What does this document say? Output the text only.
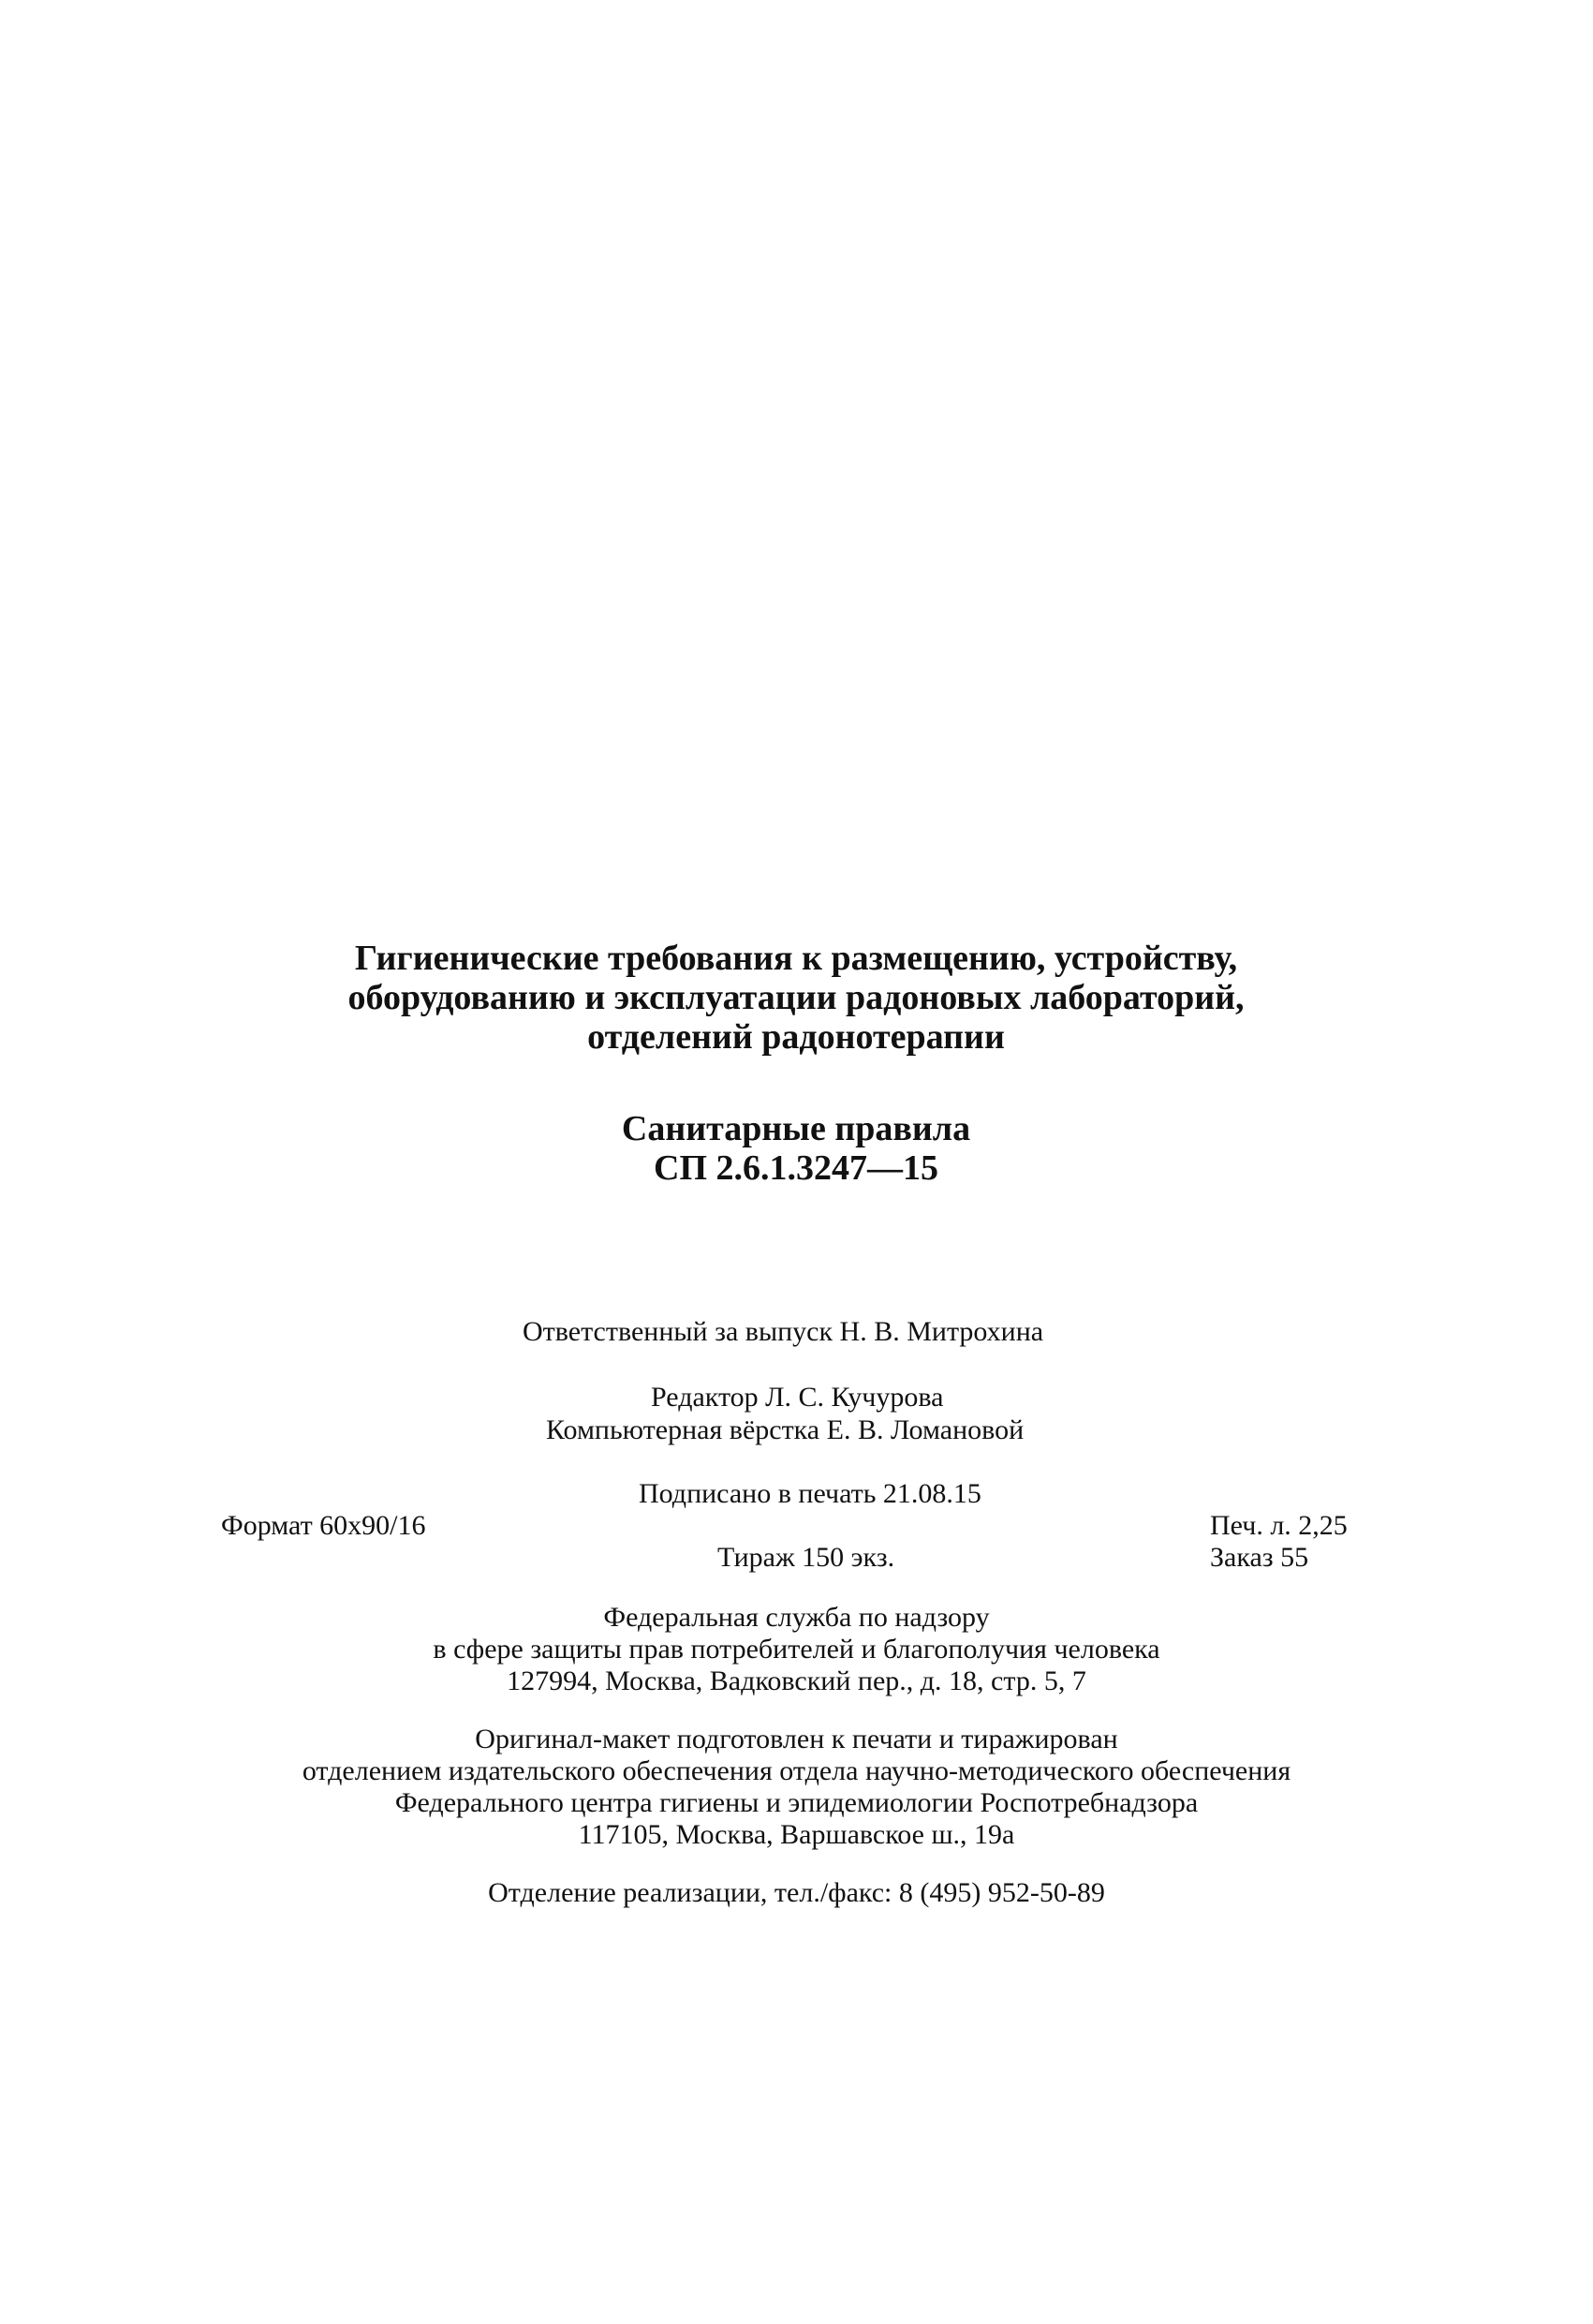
Гигиенические требования к размещению, устройству,
оборудованию и эксплуатации радоновых лабораторий,
отделений радонотерапии
Санитарные правила
СП 2.6.1.3247—15
Ответственный за выпуск Н. В. Митрохина
Редактор Л. С. Кучурова
Компьютерная вёрстка Е. В. Ломановой
Подписано в печать 21.08.15
Формат 60х90/16	Печ. л. 2,25
Тираж 150 экз.	Заказ 55
Федеральная служба по надзору
в сфере защиты прав потребителей и благополучия человека
127994, Москва, Вадковский пер., д. 18, стр. 5, 7
Оригинал-макет подготовлен к печати и тиражирован
отделением издательского обеспечения отдела научно-методического обеспечения
Федерального центра гигиены и эпидемиологии Роспотребнадзора
117105, Москва, Варшавское ш., 19а
Отделение реализации, тел./факс: 8 (495) 952-50-89
